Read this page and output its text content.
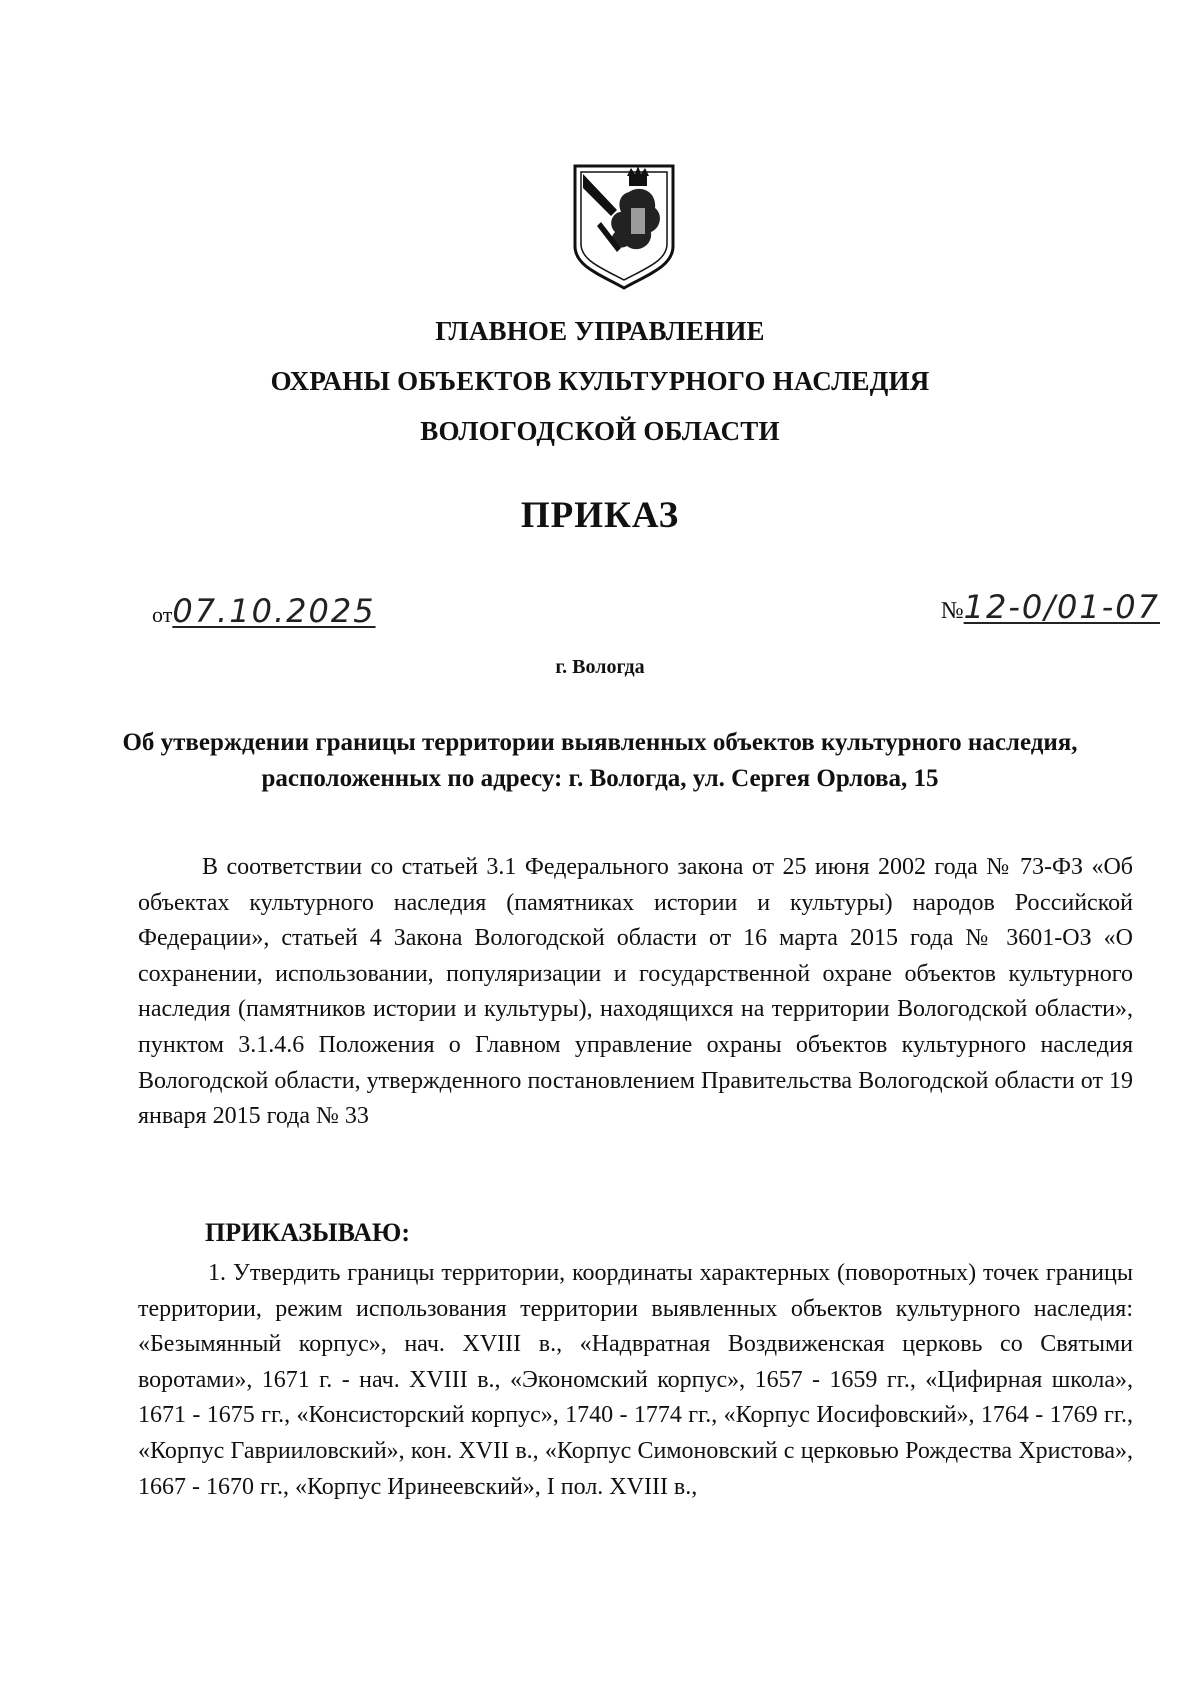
ГЛАВНОЕ УПРАВЛЕНИЕ
ОХРАНЫ ОБЪЕКТОВ КУЛЬТУРНОГО НАСЛЕДИЯ
ВОЛОГОДСКОЙ ОБЛАСТИ
ПРИКАЗ
от07.10.2025	№12-0/01-07
г. Вологда
Об утверждении границы территории выявленных объектов культурного наследия, расположенных по адресу: г. Вологда, ул. Сергея Орлова, 15
В соответствии со статьей 3.1 Федерального закона от 25 июня 2002 года № 73-ФЗ «Об объектах культурного наследия (памятниках истории и культуры) народов Российской Федерации», статьей 4 Закона Вологодской области от 16 марта 2015 года № 3601-ОЗ «О сохранении, использовании, популяризации и государственной охране объектов культурного наследия (памятников истории и культуры), находящихся на территории Вологодской области», пунктом 3.1.4.6 Положения о Главном управление охраны объектов культурного наследия Вологодской области, утвержденного постановлением Правительства Вологодской области от 19 января 2015 года № 33
ПРИКАЗЫВАЮ:
1. Утвердить границы территории, координаты характерных (поворотных) точек границы территории, режим использования территории выявленных объектов культурного наследия: «Безымянный корпус», нач. XVIII в., «Надвратная Воздвиженская церковь со Святыми воротами», 1671 г. - нач. XVIII в., «Экономский корпус», 1657 - 1659 гг., «Цифирная школа», 1671 - 1675 гг., «Консисторский корпус», 1740 - 1774 гг., «Корпус Иосифовский», 1764 - 1769 гг., «Корпус Гаврииловский», кон. XVII в., «Корпус Симоновский с церковью Рождества Христова», 1667 - 1670 гг., «Корпус Иринеевский», I пол. XVIII в.,
